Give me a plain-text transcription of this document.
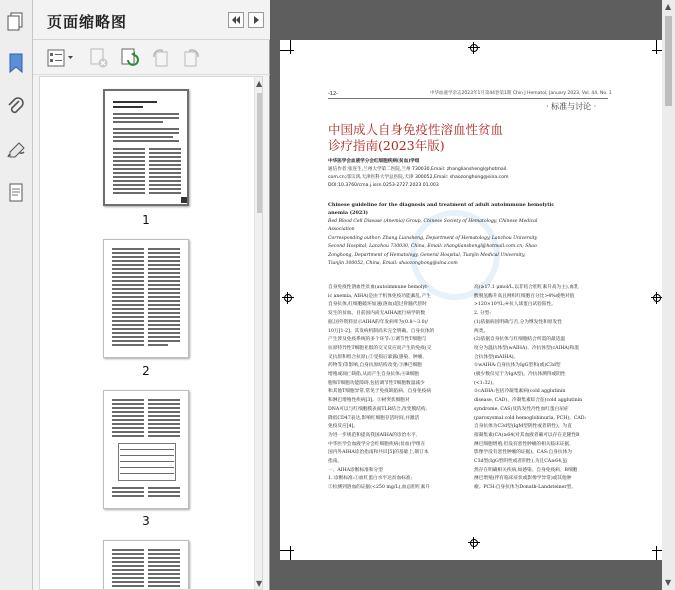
页面缩略图
1
2
3
▲
▼
-12-	中华血液学杂志2023年1月第44卷第1期 Chin J Hematol, January 2023, Vol. 44, No. 1
· 标准与讨论 ·
中国成人自身免疫性溶血性贫血
诊疗指南(2023年版)
中华医学会血液学分会红细胞疾病(贫血)学组
通信作者:张连生,兰州大学第二医院,兰州 730030,Email: zhanglianshengl@hotmail.
com.cn;邵宗鸿,天津医科大学总医院,天津 300052,Email: shaozonghong@sina.com
DOI:10.3760/cma.j.issn.0253-2727.2023.01.003
Chinese guideline for the diagnosis and treatment of adult autoimmune hemolytic
anemia (2023)
Red Blood Cell Disease (Anemia) Group, Chinese Society of Hematology, Chinese Medical
Association
Corresponding author: Zhang Liansheng, Department of Hematology, Lanzhou University
Second Hospital, Lanzhou 730030, China, Email: zhanglianshengl@hotmail.com.cn; Shao
Zonghong, Department of Hematology, General Hospital, Tianjin Medical University,
Tianjin 300052, China, Email: shaozonghong@sina.com
自身免疫性溶血性贫血(autoimmune hemolyt-
ic anemia, AIHA)是由于机体免疫功能紊乱,产生
自身抗体,红细胞破坏加速(溶血)超过骨髓代偿时
发生的贫血。目前国内尚无AIHA流行病学的数
据,国外资料显示AIHA的年发病率为(0.8～3.0)/
10万[1-2]。其发病机制尚未完全明确。自身抗体的
产生涉及免疫系统的多个环节:①调节性T细胞与
抗原特异性T细胞亚群的交叉反应而产生的免疫(交
叉抗原和组合抗原);②受损后暴露(感染、肿瘤、
药物等)等影响,自身抗原结构改变;③淋巴细胞
增殖或凋亡缺陷,从而产生自身抗体;④B细胞
胞和T细胞功能障碍,包括调节性T细胞数量减少
和其他T细胞异常,常见于免疫缺陷病、自身免疫病
和淋巴增殖性疾病[3]。⑤树突状细胞对
DNA可以与红细胞膜表面TLR结合,改变膜结构,
降低CD47表达,影响红细胞存活时间,并激活
免疫反应[4]。
为进一步规范和提高我国AIHA的诊治水平,
中华医学会血液学分会红细胞疾病(贫血)学组在
国内外AIHA诊治指南和共识[5]的基础上,制订本
指南。
一、AIHA诊断标准和分型
1. 诊断标准:①血红蛋白水平达贫血标准;
②检测到溶血的证据(<250 mg/L),血总胆红素升
高(≥17.1 μmol/L,以非结合胆红素升高为主),血乳
酸脱氢酶升高且网织红细胞百分比>4%或绝对值
>120×10⁹/L;④抗人球蛋白试验阳性。
2. 分型:
(1)依据病因明确与否,分为继发性和原发性
两类。
(2)依据自身抗体与红细胞结合所需的最适温
度分为温抗体型(wAIHA)、冷抗体型(cAIHA)和混
合抗体型(mAIHA)。
①wAIHA:自身抗体为IgG型和(或)C3d型
(极少数仅见于为IgA型)。冷抗体测得或阴性
(<1:32)。
②cAIHA:包括冷凝集素病(cold agglutinin
disease, CAD)、冷凝集素综合征(cold agglutinin
syndrome, CAS)及阵发性冷性血红蛋白尿症
(paroxysmal cold hemoglobinuria, PCH)。CAD:
自身抗体为C3d型(IgM型阴性或者阴性)。为直
接凝集素(CA)≥64(对其血液者确可以存在克隆性B
淋巴细胞增殖,但没有恶性肿瘤的相关临床证据,
影像学没有恶性肿瘤的证据)。CAS:自身抗体为
C3d型(IgG型阴性或者阴性),为且CA≥64,虽
然存在明确相关疾病,如感染、自身免疫病、B细胞
淋巴增殖(伴有临床症状或影像学异常)或其他肿
瘤。PCH:自身抗体为Donath-Landsteiner型。
▲
▼
